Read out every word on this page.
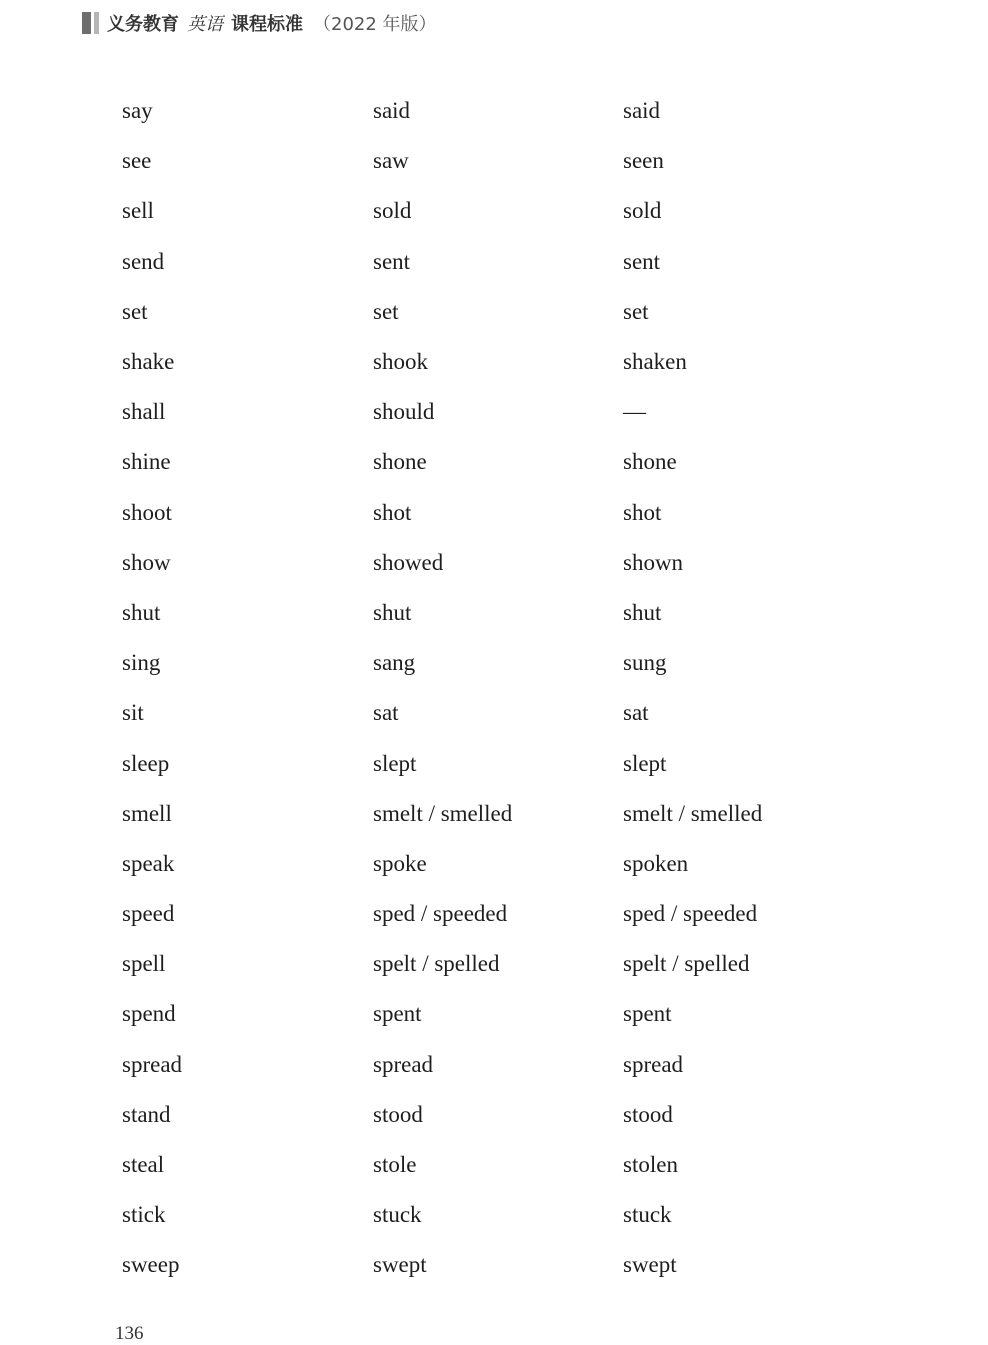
义务教育 英语 课程标准 （2022 年版）
say	said	said
see	saw	seen
sell	sold	sold
send	sent	sent
set	set	set
shake	shook	shaken
shall	should	—
shine	shone	shone
shoot	shot	shot
show	showed	shown
shut	shut	shut
sing	sang	sung
sit	sat	sat
sleep	slept	slept
smell	smelt / smelled	smelt / smelled
speak	spoke	spoken
speed	sped / speeded	sped / speeded
spell	spelt / spelled	spelt / spelled
spend	spent	spent
spread	spread	spread
stand	stood	stood
steal	stole	stolen
stick	stuck	stuck
sweep	swept	swept
136
